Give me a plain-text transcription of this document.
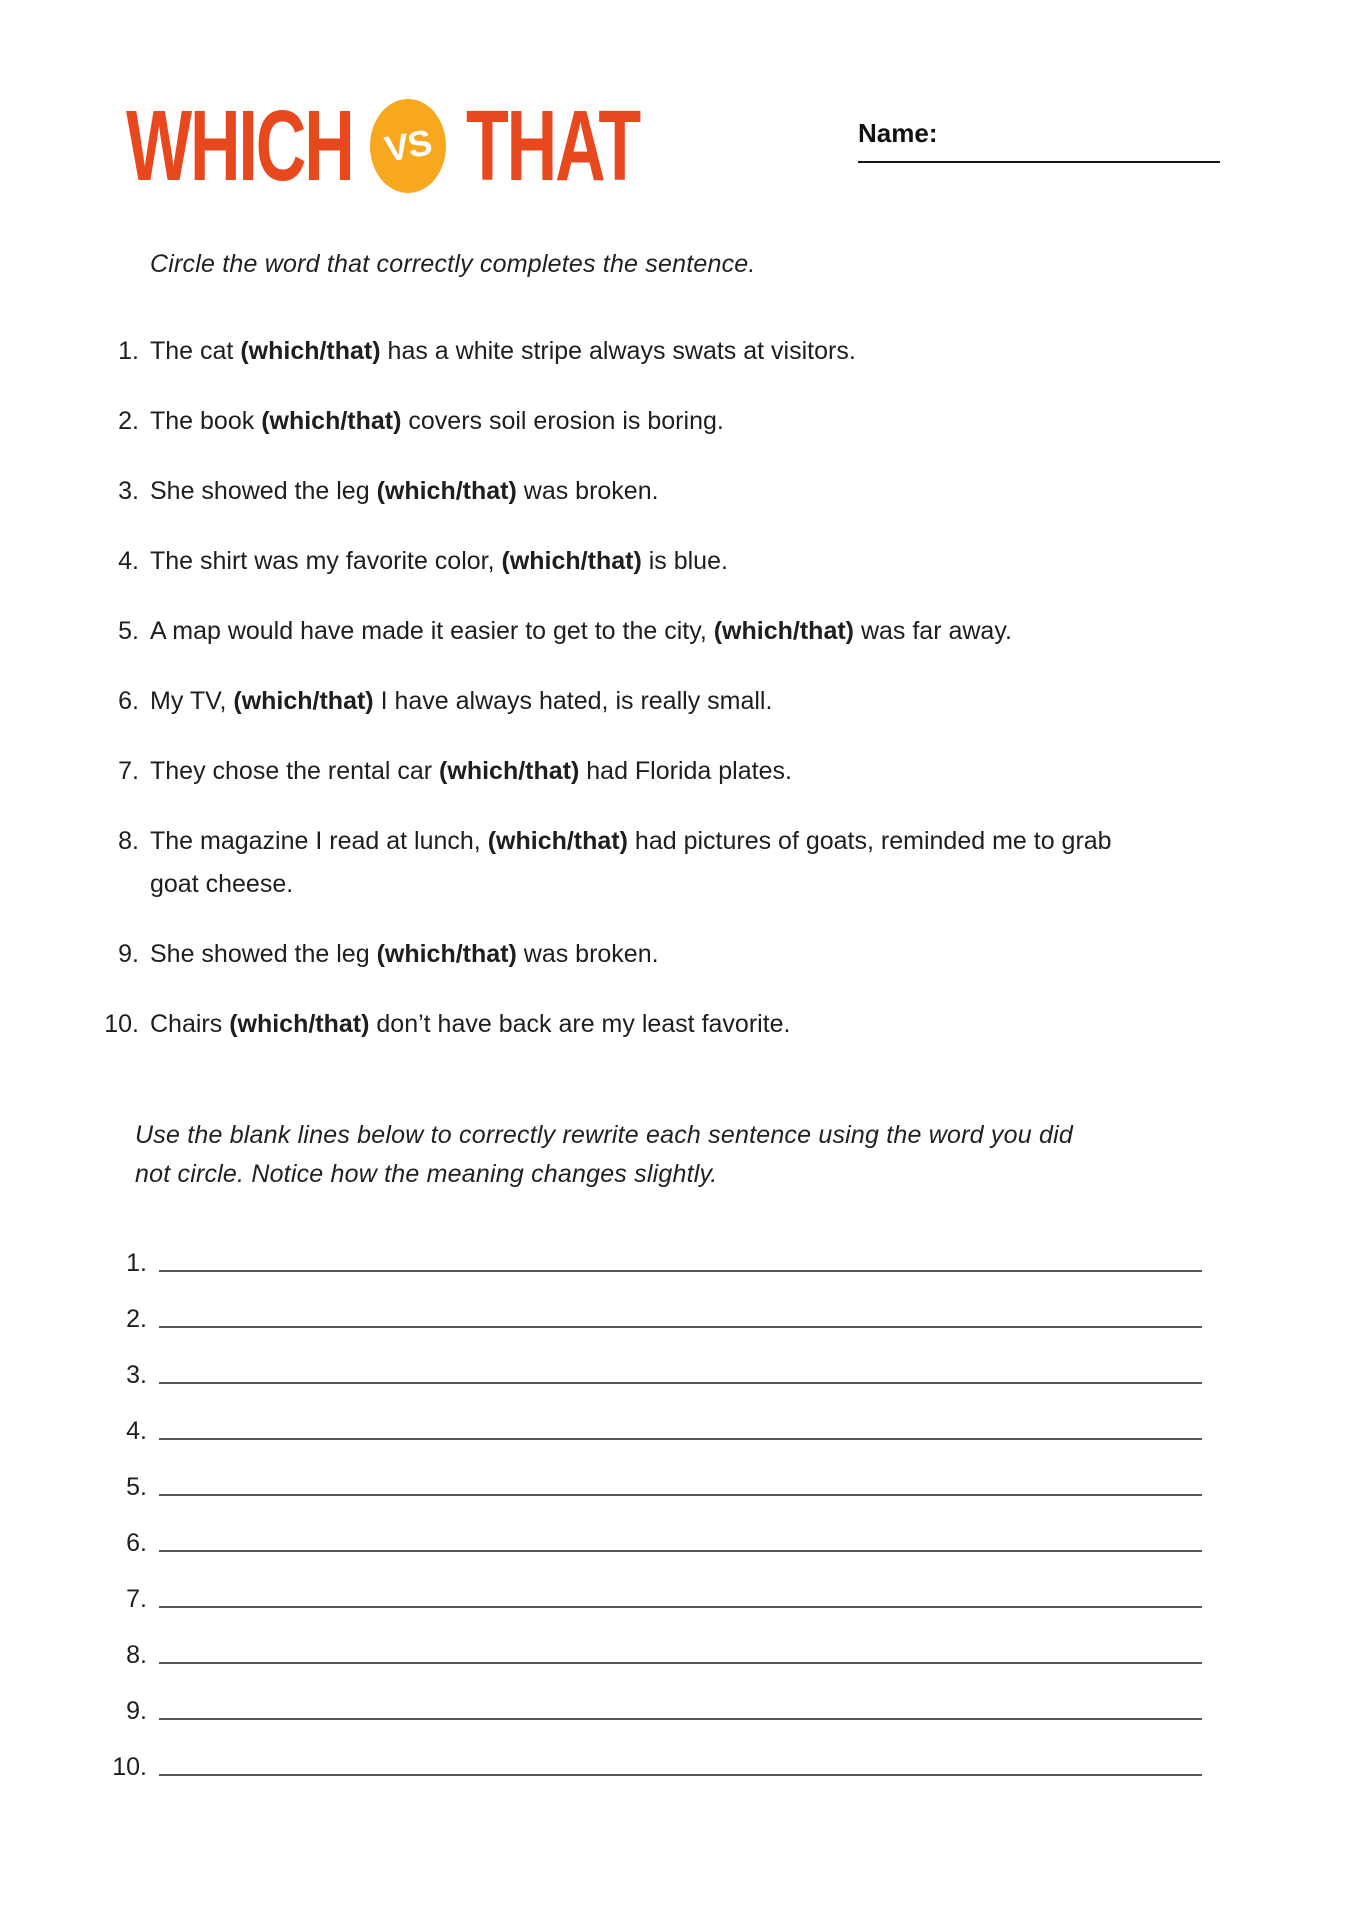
WHICH VS THAT	Name:
Circle the word that correctly completes the sentence.
1. The cat (which/that) has a white stripe always swats at visitors.
2. The book (which/that) covers soil erosion is boring.
3. She showed the leg (which/that) was broken.
4. The shirt was my favorite color, (which/that) is blue.
5. A map would have made it easier to get to the city, (which/that) was far away.
6. My TV, (which/that) I have always hated, is really small.
7. They chose the rental car (which/that) had Florida plates.
8. The magazine I read at lunch, (which/that) had pictures of goats, reminded me to grab goat cheese.
9. She showed the leg (which/that) was broken.
10. Chairs (which/that) don’t have back are my least favorite.
Use the blank lines below to correctly rewrite each sentence using the word you did not circle. Notice how the meaning changes slightly.
1.
2.
3.
4.
5.
6.
7.
8.
9.
10.
